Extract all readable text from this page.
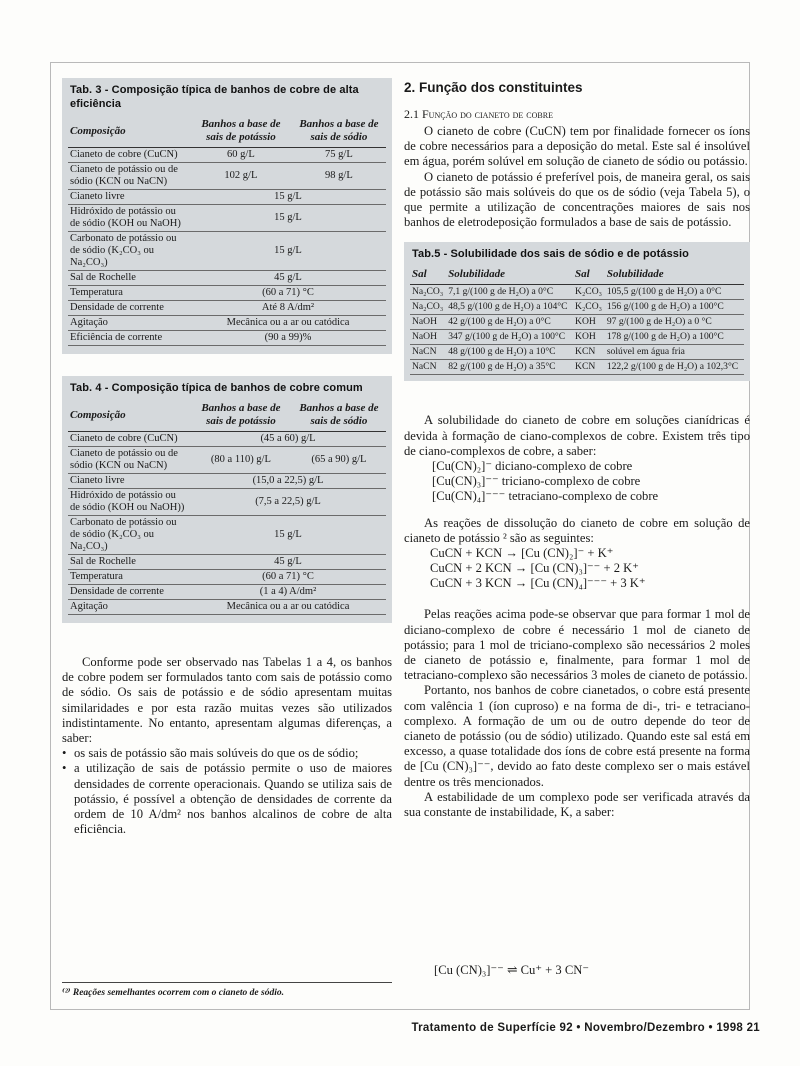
Tab. 3 - Composição típica de banhos de cobre de alta eficiência
Composição	Banhos a base de sais de potássio	Banhos a base de sais de sódio
Cianeto de cobre (CuCN)	60 g/L	75 g/L
Cianeto de potássio ou de sódio (KCN ou NaCN)	102 g/L	98 g/L
Cianeto livre	15 g/L	
Hidróxido de potássio ou de sódio (KOH ou NaOH)	15 g/L	
Carbonato de potássio ou de sódio (K₂CO₃ ou Na₂CO₃)	15 g/L	
Sal de Rochelle	45 g/L	
Temperatura	(60 a 71) °C	
Densidade de corrente	Até 8 A/dm²	
Agitação	Mecânica ou a ar ou catódica	
Eficiência de corrente	(90 a 99)%	
Tab. 4 - Composição típica de banhos de cobre comum
Composição	Banhos a base de sais de potássio	Banhos a base de sais de sódio
Cianeto de cobre (CuCN)	(45 a 60) g/L	
Cianeto de potássio ou de sódio (KCN ou NaCN)	(80 a 110) g/L	(65 a 90) g/L
Cianeto livre	(15,0 a 22,5) g/L	
Hidróxido de potássio ou de sódio (KOH ou NaOH))	(7,5 a 22,5) g/L	
Carbonato de potássio ou de sódio (K₂CO₃ ou Na₂CO₃)	15 g/L	
Sal de Rochelle	45 g/L	
Temperatura	(60 a 71) °C	
Densidade de corrente	(1 a 4) A/dm²	
Agitação	Mecânica ou a ar ou catódica	

Conforme pode ser observado nas Tabelas 1 a 4, os banhos de cobre podem ser formulados tanto com sais de potássio como de sódio. Os sais de potássio e de sódio apresentam muitas similaridades e por esta razão muitas vezes são utilizados indistintamente. No entanto, apresentam algumas diferenças, a saber:

• os sais de potássio são mais solúveis do que os de sódio;
• a utilização de sais de potássio permite o uso de maiores densidades de corrente operacionais. Quando se utiliza sais de potássio, é possível a obtenção de densidades de corrente da ordem de 10 A/dm² nos banhos alcalinos de cobre de alta eficiência.
⁽²⁾ Reações semelhantes ocorrem com o cianeto de sódio.
2. Função dos constituintes
2.1 Função do cianeto de cobre

O cianeto de cobre (CuCN) tem por finalidade fornecer os íons de cobre necessários para a deposição do metal. Este sal é insolúvel em água, porém solúvel em solução de cianeto de sódio ou potássio.

O cianeto de potássio é preferível pois, de maneira geral, os sais de potássio são mais solúveis do que os de sódio (veja Tabela 5), o que permite a utilização de concentrações maiores de sais nos banhos de eletrodeposição formulados a base de sais de potássio.

Tab.5 - Solubilidade dos sais de sódio e de potássio
Sal	Solubilidade	Sal	Solubilidade
Na₂CO₃	7,1 g/(100 g de H₂O) a 0°C	K₂CO₃	105,5 g/(100 g de H₂O) a 0°C
Na₂CO₃	48,5 g/(100 g de H₂O) a 104°C	K₂CO₃	156 g/(100 g de H₂O) a 100°C
NaOH	42 g/(100 g de H₂O) a 0°C	KOH	97 g/(100 g de H₂O) a 0 °C
NaOH	347 g/(100 g de H₂O) a 100°C	KOH	178 g/(100 g de H₂O) a 100°C
NaCN	48 g/(100 g de H₂O) a 10°C	KCN	solúvel em água fria
NaCN	82 g/(100 g de H₂O) a 35°C	KCN	122,2 g/(100 g de H₂O) a 102,3°C

A solubilidade do cianeto de cobre em soluções cianídricas é devida à formação de ciano-complexos de cobre. Existem três tipo de ciano-complexos de cobre, a saber:

[Cu(CN)₂]⁻ diciano-complexo de cobre
[Cu(CN)₃]⁻⁻ triciano-complexo de cobre
[Cu(CN)₄]⁻⁻⁻ tetraciano-complexo de cobre

As reações de dissolução do cianeto de cobre em solução de cianeto de potássio ² são as seguintes:

CuCN + KCN → [Cu (CN)₂]⁻ + K⁺
CuCN + 2 KCN → [Cu (CN)₃]⁻⁻ + 2 K⁺
CuCN + 3 KCN → [Cu (CN)₄]⁻⁻⁻ + 3 K⁺

Pelas reações acima pode-se observar que para formar 1 mol de diciano-complexo de cobre é necessário 1 mol de cianeto de potássio; para 1 mol de triciano-complexo são necessários 2 moles de cianeto de potássio e, finalmente, para formar 1 mol de tetraciano-complexo são necessários 3 moles de cianeto de potássio.

Portanto, nos banhos de cobre cianetados, o cobre está presente com valência 1 (íon cuproso) e na forma de di-, tri- e tetraciano-complexo. A formação de um ou de outro depende do teor de cianeto de potássio (ou de sódio) utilizado. Quando este sal está em excesso, a quase totalidade dos íons de cobre está presente na forma de [Cu (CN)₃]⁻⁻, devido ao fato deste complexo ser o mais estável dentre os três mencionados.

A estabilidade de um complexo pode ser verificada através da sua constante de instabilidade, K, a saber:

[Cu (CN)₃]⁻⁻ ⇌ Cu⁺ + 3 CN⁻
Tratamento de Superfície 92 • Novembro/Dezembro • 1998 21
